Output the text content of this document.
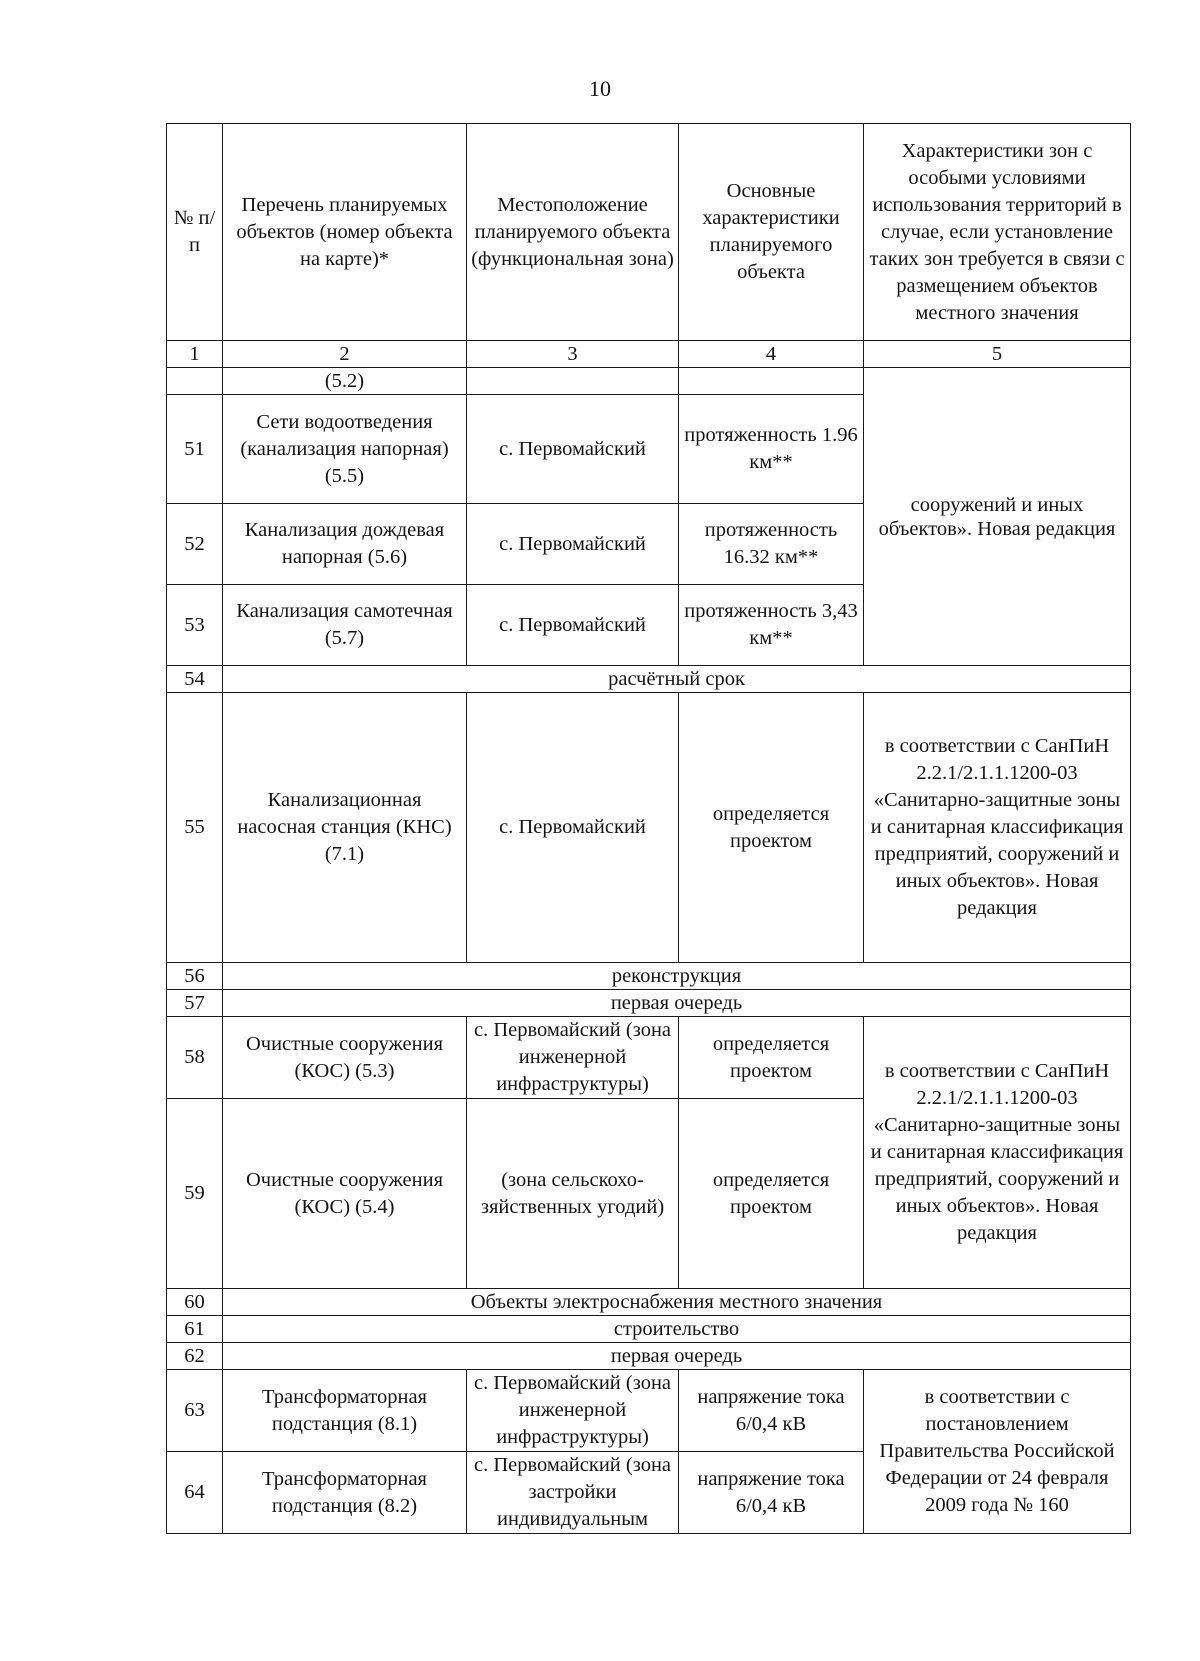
10
№ п/п	Перечень планируемых объектов (номер объекта на карте)*	Местоположение планируемого объекта (функциональная зона)	Основные характеристики планируемого объекта	Характеристики зон с особыми условиями использования территорий в случае, если установление таких зон требуется в связи с размещением объектов местного значения
1	2	3	4	5
	(5.2)			сооружений и иных объектов». Новая редакция
51	Сети водоотведения (канализация напорная) (5.5)	с. Первомайский	протяженность 1.96 км**	
52	Канализация дождевая напорная (5.6)	с. Первомайский	протяженность 16.32 км**	
53	Канализация самотечная (5.7)	с. Первомайский	протяженность 3,43 км**	
54	расчётный срок			
55	Канализационная насосная станция (КНС) (7.1)	с. Первомайский	определяется проектом	в соответствии с СанПиН 2.2.1/2.1.1.1200-03 «Санитарно-защитные зоны и санитарная классификация предприятий, сооружений и иных объектов». Новая редакция
56	реконструкция			
57	первая очередь			
58	Очистные сооружения (КОС) (5.3)	с. Первомайский (зона инженерной инфраструктуры)	определяется проектом	в соответствии с СанПиН 2.2.1/2.1.1.1200-03 «Санитарно-защитные зоны и санитарная классификация предприятий, сооружений и иных объектов». Новая редакция
59	Очистные сооружения (КОС) (5.4)	(зона сельскохо-зяйственных угодий)	определяется проектом	
60	Объекты электроснабжения местного значения			
61	строительство			
62	первая очередь			
63	Трансформаторная подстанция (8.1)	с. Первомайский (зона инженерной инфраструктуры)	напряжение тока 6/0,4 кВ	в соответствии с постановлением Правительства Российской Федерации от 24 февраля 2009 года № 160
64	Трансформаторная подстанция (8.2)	с. Первомайский (зона застройки индивидуальным	напряжение тока 6/0,4 кВ	
